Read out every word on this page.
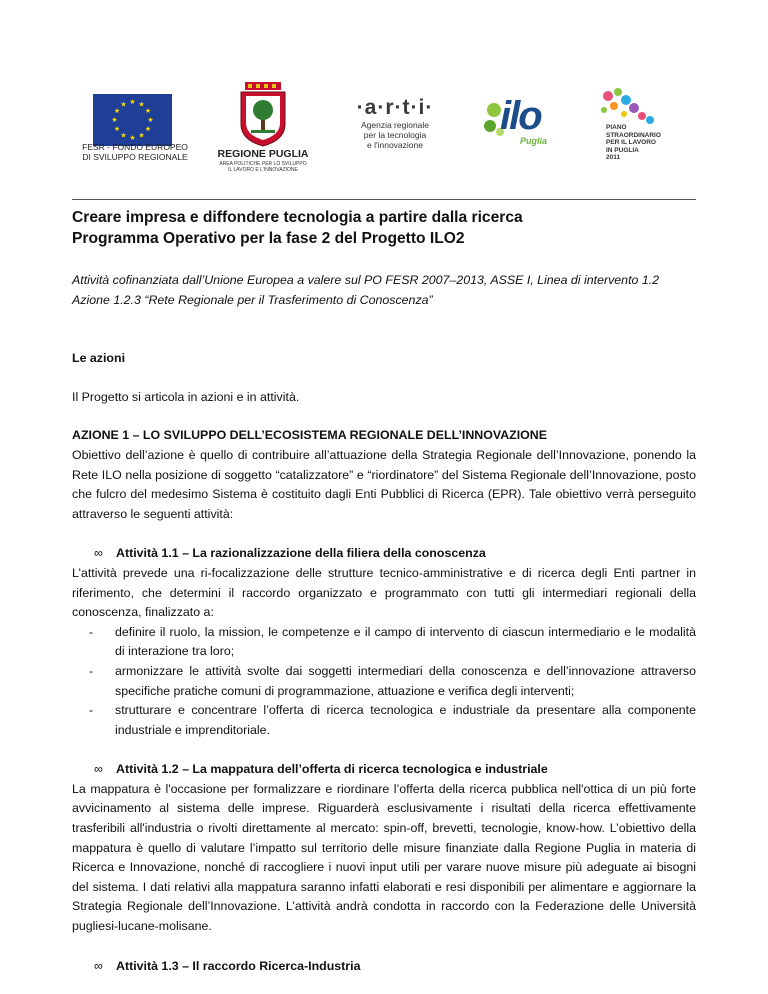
★ ★
★
★
★
★
★
★
★
★
★
★
FESR - FONDO EUROPEO
DI SVILUPPO REGIONALE	REGIONE PUGLIA
AREA POLITICHE PER LO SVILUPPO
IL LAVORO E L'INNOVAZIONE
·a·r·t·i·
Agenzia regionale
per la tecnologia
e l'innovazione
ilo
Puglia
PIANO
STRAORDINARIO
PER IL LAVORO
IN PUGLIA
2011

Creare impresa e diffondere tecnologia a partire dalla ricerca

Programma Operativo per la fase 2 del Progetto ILO2

Attività cofinanziata dall’Unione Europea a valere sul PO FESR 2007–2013, ASSE I, Linea di intervento 1.2

Azione 1.2.3 “Rete Regionale per il Trasferimento di Conoscenza”

Le azioni

Il Progetto si articola in azioni e in attività.

AZIONE 1 – LO SVILUPPO DELL’ECOSISTEMA REGIONALE DELL’INNOVAZIONE

Obiettivo dell’azione è quello di contribuire all’attuazione della Strategia Regionale dell’Innovazione, ponendo la Rete ILO nella posizione di soggetto “catalizzatore” e “riordinatore” del Sistema Regionale dell’Innovazione, posto che fulcro del medesimo Sistema è costituito dagli Enti Pubblici di Ricerca (EPR). Tale obiettivo verrà perseguito attraverso le seguenti attività:

∞	Attività 1.1 – La razionalizzazione della filiera della conoscenza

L’attività prevede una ri-focalizzazione delle strutture tecnico-amministrative e di ricerca degli Enti partner in riferimento, che determini il raccordo organizzato e programmato con tutti gli intermediari regionali della conoscenza, finalizzato a:

-	definire il ruolo, la mission, le competenze e il campo di intervento di ciascun intermediario e le modalità di interazione tra loro;
-	armonizzare le attività svolte dai soggetti intermediari della conoscenza e dell’innovazione attraverso specifiche pratiche comuni di programmazione, attuazione e verifica degli interventi;
-	strutturare e concentrare l’offerta di ricerca tecnologica e industriale da presentare alla componente industriale e imprenditoriale.
∞	Attività 1.2 – La mappatura dell’offerta di ricerca tecnologica e industriale

La mappatura è l'occasione per formalizzare e riordinare l’offerta della ricerca pubblica nell'ottica di un più forte avvicinamento al sistema delle imprese. Riguarderà esclusivamente i risultati della ricerca effettivamente trasferibili all'industria o rivolti direttamente al mercato: spin-off, brevetti, tecnologie, know-how. L’obiettivo della mappatura è quello di valutare l’impatto sul territorio delle misure finanziate dalla Regione Puglia in materia di Ricerca e Innovazione, nonché di raccogliere i nuovi input utili per varare nuove misure più adeguate ai bisogni del sistema. I dati relativi alla mappatura saranno infatti elaborati e resi disponibili per alimentare e aggiornare la Strategia Regionale dell’Innovazione. L’attività andrà condotta in raccordo con la Federazione delle Università pugliesi-lucane-molisane.

∞	Attività 1.3 – Il raccordo Ricerca-Industria
